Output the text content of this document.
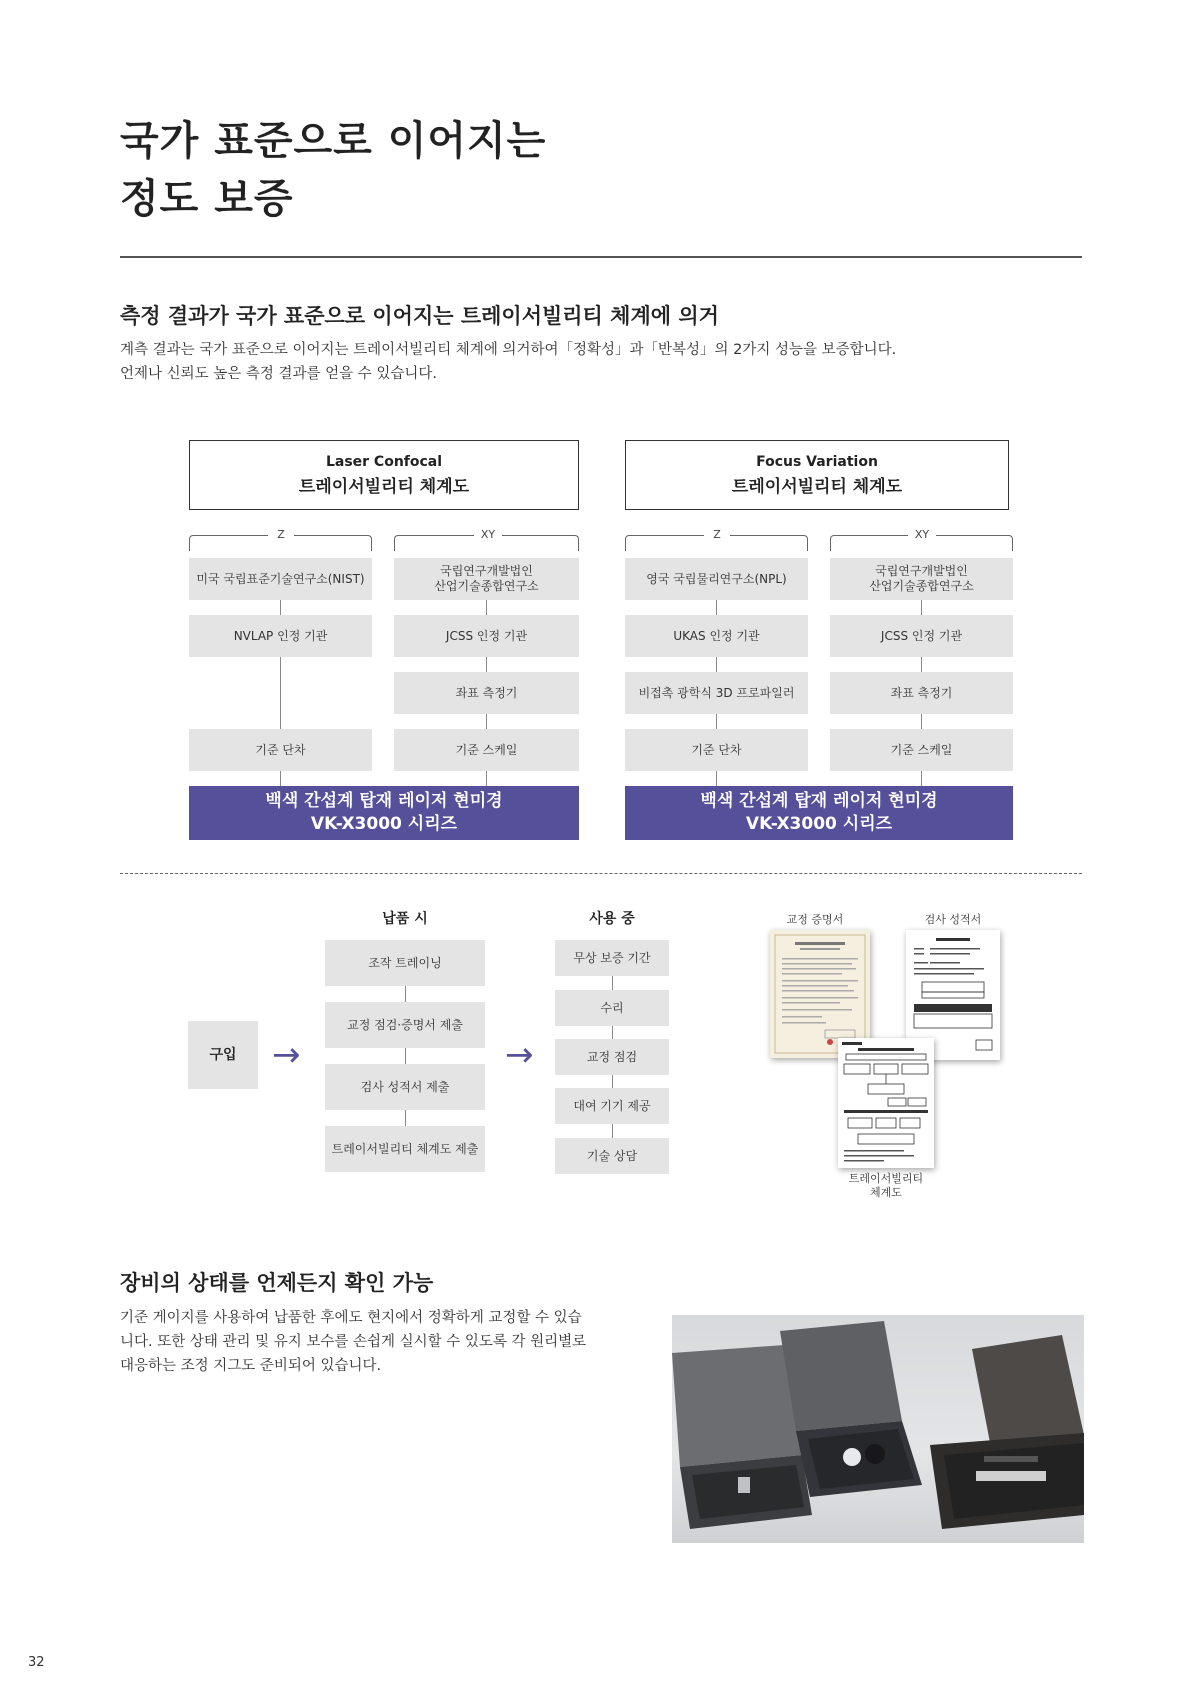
국가 표준으로 이어지는
정도 보증
측정 결과가 국가 표준으로 이어지는 트레이서빌리티 체계에 의거
계측 결과는 국가 표준으로 이어지는 트레이서빌리티 체계에 의거하여「정확성」과「반복성」의 2가지 성능을 보증합니다.
언제나 신뢰도 높은 측정 결과를 얻을 수 있습니다.
Laser Confocal
트레이서빌리티 체계도
Z	XY
미국 국립표준기술연구소(NIST)
NVLAP 인정 기관
기준 단차
국립연구개발법인
산업기술종합연구소
JCSS 인정 기관
좌표 측정기
기준 스케일
백색 간섭계 탑재 레이저 현미경
VK-X3000 시리즈
Focus Variation
트레이서빌리티 체계도
Z	XY
영국 국립물리연구소(NPL)
UKAS 인정 기관
비접촉 광학식 3D 프로파일러
기준 단차
국립연구개발법인
산업기술종합연구소
JCSS 인정 기관
좌표 측정기
기준 스케일
백색 간섭계 탑재 레이저 현미경
VK-X3000 시리즈
구입	→
납품 시
조작 트레이닝
교정 점검·증명서 제출
검사 성적서 제출
트레이서빌리티 체계도 제출
→
사용 중
무상 보증 기간
수리
교정 점검
대여 기기 제공
기술 상담
교정 증명서	검사 성적서
트레이서빌리티
체계도
장비의 상태를 언제든지 확인 가능
기준 게이지를 사용하여 납품한 후에도 현지에서 정확하게 교정할 수 있습
니다. 또한 상태 관리 및 유지 보수를 손쉽게 실시할 수 있도록 각 원리별로
대응하는 조정 지그도 준비되어 있습니다.
32
